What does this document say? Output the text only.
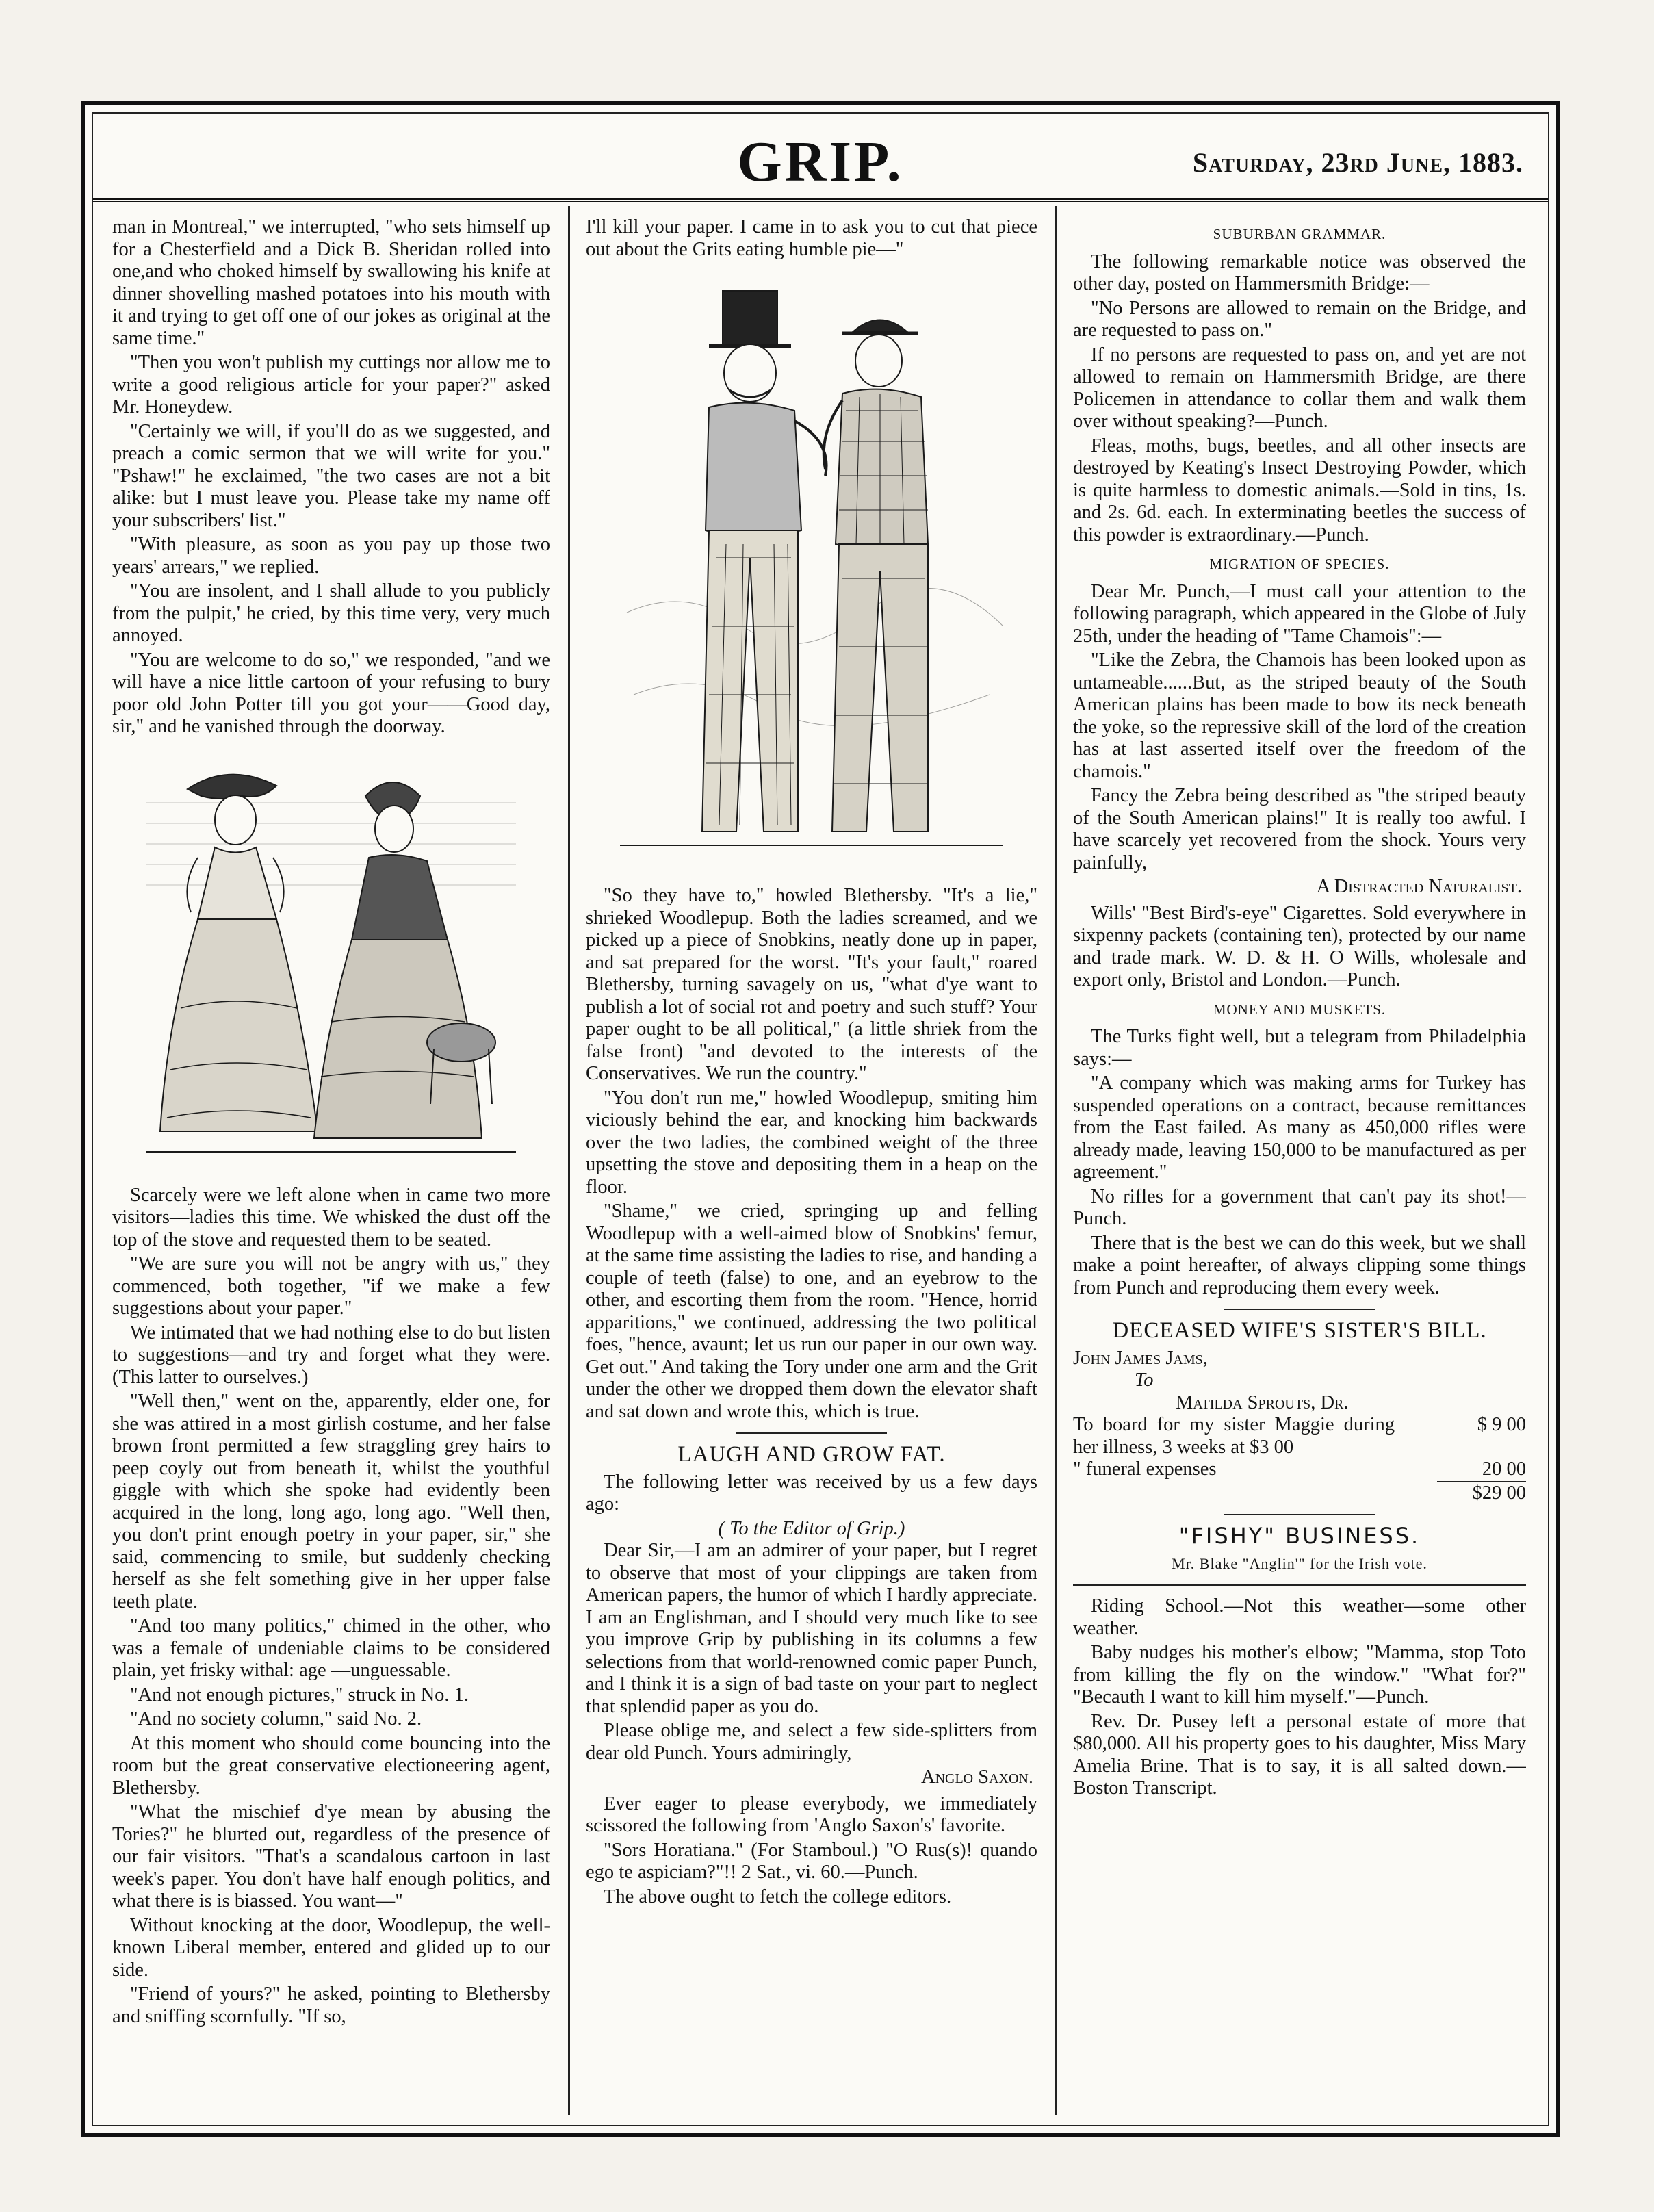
GRIP.	Saturday, 23rd June, 1883.

man in Montreal," we interrupted, "who sets himself up for a Chesterfield and a Dick B. Sheridan rolled into one,and who choked himself by swallowing his knife at dinner shovelling mashed potatoes into his mouth with it and trying to get off one of our jokes as original at the same time."

"Then you won't publish my cuttings nor allow me to write a good religious article for your paper?" asked Mr. Honeydew.

"Certainly we will, if you'll do as we suggested, and preach a comic sermon that we will write for you." "Pshaw!" he exclaimed, "the two cases are not a bit alike: but I must leave you. Please take my name off your subscribers' list."

"With pleasure, as soon as you pay up those two years' arrears," we replied.

"You are insolent, and I shall allude to you publicly from the pulpit,' he cried, by this time very, very much annoyed.

"You are welcome to do so," we responded, "and we will have a nice little cartoon of your refusing to bury poor old John Potter till you got your——Good day, sir," and he vanished through the doorway.

Scarcely were we left alone when in came two more visitors—ladies this time. We whisked the dust off the top of the stove and requested them to be seated.

"We are sure you will not be angry with us," they commenced, both together, "if we make a few suggestions about your paper."

We intimated that we had nothing else to do but listen to suggestions—and try and forget what they were. (This latter to ourselves.)

"Well then," went on the, apparently, elder one, for she was attired in a most girlish costume, and her false brown front permitted a few straggling grey hairs to peep coyly out from beneath it, whilst the youthful giggle with which she spoke had evidently been acquired in the long, long ago, long ago. "Well then, you don't print enough poetry in your paper, sir," she said, commencing to smile, but suddenly checking herself as she felt something give in her upper false teeth plate.

"And too many politics," chimed in the other, who was a female of undeniable claims to be considered plain, yet frisky withal: age —unguessable.

"And not enough pictures," struck in No. 1.

"And no society column," said No. 2.

At this moment who should come bouncing into the room but the great conservative electioneering agent, Blethersby.

"What the mischief d'ye mean by abusing the Tories?" he blurted out, regardless of the presence of our fair visitors. "That's a scandalous cartoon in last week's paper. You don't have half enough politics, and what there is is biassed. You want—"

Without knocking at the door, Woodlepup, the well-known Liberal member, entered and glided up to our side.

"Friend of yours?" he asked, pointing to Blethersby and sniffing scornfully. "If so,

I'll kill your paper. I came in to ask you to cut that piece out about the Grits eating humble pie—"

"So they have to," howled Blethersby. "It's a lie," shrieked Woodlepup. Both the ladies screamed, and we picked up a piece of Snobkins, neatly done up in paper, and sat prepared for the worst. "It's your fault," roared Blethersby, turning savagely on us, "what d'ye want to publish a lot of social rot and poetry and such stuff? Your paper ought to be all political," (a little shriek from the false front) "and devoted to the interests of the Conservatives. We run the country."

"You don't run me," howled Woodlepup, smiting him viciously behind the ear, and knocking him backwards over the two ladies, the combined weight of the three upsetting the stove and depositing them in a heap on the floor.

"Shame," we cried, springing up and felling Woodlepup with a well-aimed blow of Snobkins' femur, at the same time assisting the ladies to rise, and handing a couple of teeth (false) to one, and an eyebrow to the other, and escorting them from the room. "Hence, horrid apparitions," we continued, addressing the two political foes, "hence, avaunt; let us run our paper in our own way. Get out." And taking the Tory under one arm and the Grit under the other we dropped them down the elevator shaft and sat down and wrote this, which is true.

LAUGH AND GROW FAT.

The following letter was received by us a few days ago:

( To the Editor of Grip.)

Dear Sir,—I am an admirer of your paper, but I regret to observe that most of your clippings are taken from American papers, the humor of which I hardly appreciate. I am an Englishman, and I should very much like to see you improve Grip by publishing in its columns a few selections from that world-renowned comic paper Punch, and I think it is a sign of bad taste on your part to neglect that splendid paper as you do.

Please oblige me, and select a few side-splitters from dear old Punch. Yours admiringly,

Anglo Saxon.

Ever eager to please everybody, we immediately scissored the following from 'Anglo Saxon's' favorite.

"Sors Horatiana." (For Stamboul.) "O Rus(s)! quando ego te aspiciam?"!! 2 Sat., vi. 60.—Punch.

The above ought to fetch the college editors.

SUBURBAN GRAMMAR.

The following remarkable notice was observed the other day, posted on Hammersmith Bridge:—

"No Persons are allowed to remain on the Bridge, and are requested to pass on."

If no persons are requested to pass on, and yet are not allowed to remain on Hammersmith Bridge, are there Policemen in attendance to collar them and walk them over without speaking?—Punch.

Fleas, moths, bugs, beetles, and all other insects are destroyed by Keating's Insect Destroying Powder, which is quite harmless to domestic animals.—Sold in tins, 1s. and 2s. 6d. each. In exterminating beetles the success of this powder is extraordinary.—Punch.

MIGRATION OF SPECIES.

Dear Mr. Punch,—I must call your attention to the following paragraph, which appeared in the Globe of July 25th, under the heading of "Tame Chamois":—

"Like the Zebra, the Chamois has been looked upon as untameable......But, as the striped beauty of the South American plains has been made to bow its neck beneath the yoke, so the repressive skill of the lord of the creation has at last asserted itself over the freedom of the chamois."

Fancy the Zebra being described as "the striped beauty of the South American plains!" It is really too awful. I have scarcely yet recovered from the shock. Yours very painfully,

A Distracted Naturalist.

Wills' "Best Bird's-eye" Cigarettes. Sold everywhere in sixpenny packets (containing ten), protected by our name and trade mark. W. D. & H. O Wills, wholesale and export only, Bristol and London.—Punch.

MONEY AND MUSKETS.

The Turks fight well, but a telegram from Philadelphia says:—

"A company which was making arms for Turkey has suspended operations on a contract, because remittances from the East failed. As many as 450,000 rifles were already made, leaving 150,000 to be manufactured as per agreement."

No rifles for a government that can't pay its shot!—Punch.

There that is the best we can do this week, but we shall make a point hereafter, of always clipping some things from Punch and reproducing them every week.

DECEASED WIFE'S SISTER'S BILL.
John James Jams,
To
Matilda Sprouts, Dr.
To board for my sister Maggie during her illness, 3 weeks at $3 00
$ 9 00
" funeral expenses	20 00
$29 00
"FISHY" BUSINESS.
Mr. Blake "Anglin'" for the Irish vote.

Riding School.—Not this weather—some other weather.

Baby nudges his mother's elbow; "Mamma, stop Toto from killing the fly on the window." "What for?" "Becauth I want to kill him myself."—Punch.

Rev. Dr. Pusey left a personal estate of more that $80,000. All his property goes to his daughter, Miss Mary Amelia Brine. That is to say, it is all salted down.—Boston Transcript.
